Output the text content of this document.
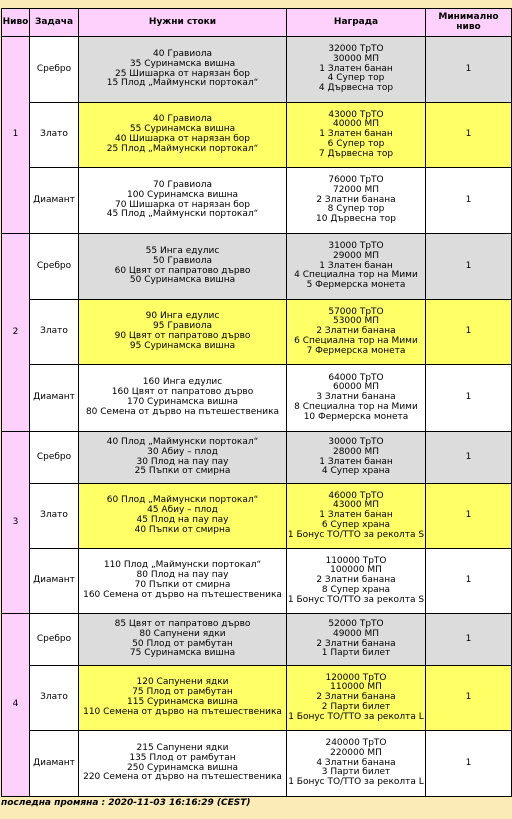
Ниво	Задача	Нужни стоки	Награда	Минимално ниво
1	Сребро	40 Гравиола
35 Суринамска вишна
25 Шишарка от нарязан бор
15 Плод „Маймунски портокал“	32000 ТрТО
30000 МП
1 Златен банан
4 Супер тор
4 Дървесна тор	1
	Злато	40 Гравиола
55 Суринамска вишна
40 Шишарка от нарязан бор
25 Плод „Маймунски портокал“	43000 ТрТО
40000 МП
1 Златен банан
6 Супер тор
7 Дървесна тор	1
	Диамант	70 Гравиола
100 Суринамска вишна
70 Шишарка от нарязан бор
45 Плод „Маймунски портокал“	76000 ТрТО
72000 МП
2 Златни банана
8 Супер тор
10 Дървесна тор	1
2	Сребро	55 Инга едулис
50 Гравиола
60 Цвят от папратово дърво
50 Суринамска вишна	31000 ТрТО
29000 МП
1 Златен банан
4 Специална тор на Мими
5 Фермерска монета	1
	Злато	90 Инга едулис
95 Гравиола
90 Цвят от папратово дърво
95 Суринамска вишна	57000 ТрТО
53000 МП
2 Златни банана
6 Специална тор на Мими
7 Фермерска монета	1
	Диамант	160 Инга едулис
160 Цвят от папратово дърво
170 Суринамска вишна
80 Семена от дърво на пътешественика	64000 ТрТО
60000 МП
3 Златни банана
8 Специална тор на Мими
10 Фермерска монета	1
3	Сребро	40 Плод „Маймунски портокал“
30 Абиу – плод
30 Плод на пау пау
25 Пъпки от смирна	30000 ТрТО
28000 МП
1 Златен банан
4 Супер храна	1
	Злато	60 Плод „Маймунски портокал“
45 Абиу – плод
45 Плод на пау пау
40 Пъпки от смирна	46000 ТрТО
43000 МП
1 Златен банан
6 Супер храна
1 Бонус ТО/ТТО за реколта S	1
	Диамант	110 Плод „Маймунски портокал“
80 Плод на пау пау
70 Пъпки от смирна
160 Семена от дърво на пътешественика	110000 ТрТО
100000 МП
2 Златни банана
8 Супер храна
1 Бонус ТО/ТТО за реколта S	1
4	Сребро	85 Цвят от папратово дърво
80 Сапунени ядки
50 Плод от рамбутан
75 Суринамска вишна	52000 ТрТО
49000 МП
2 Златни банана
1 Парти билет	1
	Злато	120 Сапунени ядки
75 Плод от рамбутан
115 Суринамска вишна
110 Семена от дърво на пътешественика	120000 ТрТО
110000 МП
2 Златни банана
2 Парти билет
1 Бонус ТО/ТТО за реколта L	1
	Диамант	215 Сапунени ядки
135 Плод от рамбутан
250 Суринамска вишна
220 Семена от дърво на пътешественика	240000 ТрТО
220000 МП
4 Златни банана
3 Парти билет
1 Бонус ТО/ТТО за реколта L	1
последна промяна : 2020-11-03 16:16:29 (CEST)
